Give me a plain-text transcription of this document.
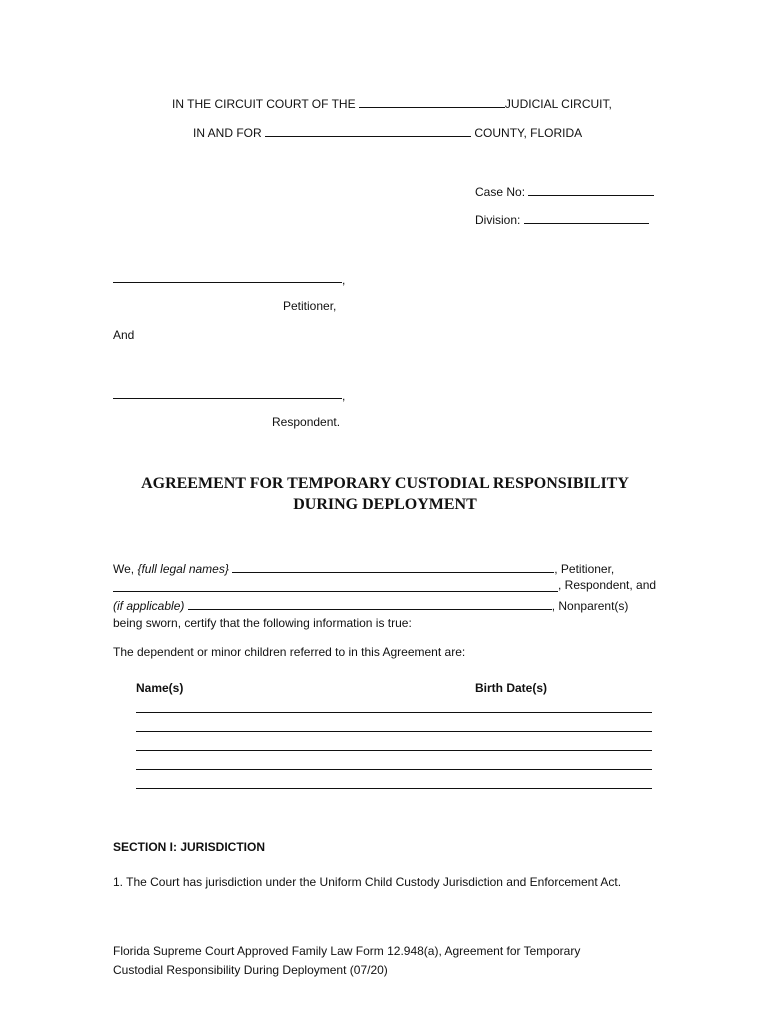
IN THE CIRCUIT COURT OF THE	JUDICIAL CIRCUIT,
IN AND FOR	COUNTY, FLORIDA
Case No:
Division:
,
Petitioner,
And
,
Respondent.
AGREEMENT FOR TEMPORARY CUSTODIAL RESPONSIBILITY
DURING DEPLOYMENT
We, {full legal names}	, Petitioner,
, Respondent, and
(if applicable)	, Nonparent(s)
being sworn, certify that the following information is true:
The dependent or minor children referred to in this Agreement are:
Name(s)	Birth Date(s)
SECTION I: JURISDICTION
1. The Court has jurisdiction under the Uniform Child Custody Jurisdiction and Enforcement Act.
Florida Supreme Court Approved Family Law Form 12.948(a), Agreement for Temporary
Custodial Responsibility During Deployment (07/20)
